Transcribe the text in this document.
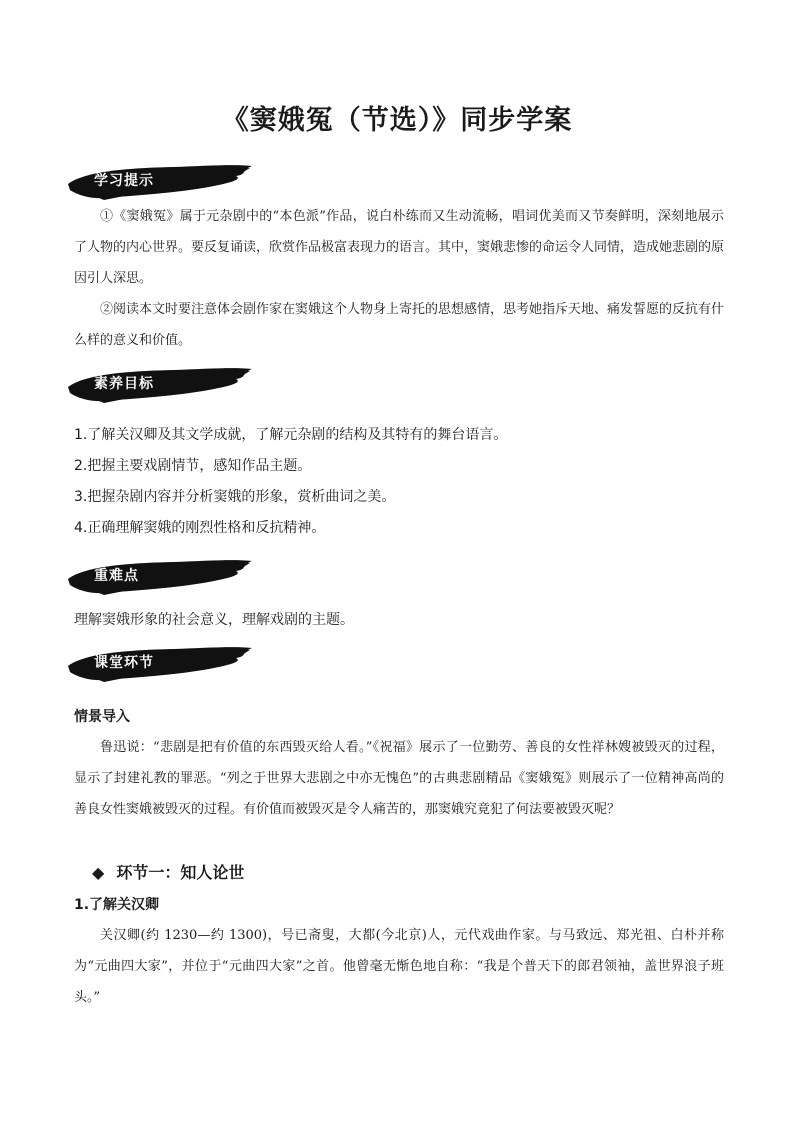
《窦娥冤（节选）》同步学案
学习提示
①《窦娥冤》属于元杂剧中的“本色派”作品，说白朴练而又生动流畅，唱词优美而又节奏鲜明，深刻地展示了人物的内心世界。要反复诵读，欣赏作品极富表现力的语言。其中，窦娥悲惨的命运令人同情，造成她悲剧的原因引人深思。
②阅读本文时要注意体会剧作家在窦娥这个人物身上寄托的思想感情，思考她指斥天地、痛发誓愿的反抗有什么样的意义和价值。
素养目标
1.了解关汉卿及其文学成就，了解元杂剧的结构及其特有的舞台语言。
2.把握主要戏剧情节，感知作品主题。
3.把握杂剧内容并分析窦娥的形象，赏析曲词之美。
4.正确理解窦娥的刚烈性格和反抗精神。
重难点
理解窦娥形象的社会意义，理解戏剧的主题。
课堂环节
情景导入
鲁迅说：“悲剧是把有价值的东西毁灭给人看。”《祝福》展示了一位勤劳、善良的女性祥林嫂被毁灭的过程，显示了封建礼教的罪恶。“列之于世界大悲剧之中亦无愧色”的古典悲剧精品《窦娥冤》则展示了一位精神高尚的善良女性窦娥被毁灭的过程。有价值而被毁灭是令人痛苦的，那窦娥究竟犯了何法要被毁灭呢？
◆ 环节一：知人论世
1.了解关汉卿
关汉卿(约 1230—约 1300)，号已斋叟，大都(今北京)人，元代戏曲作家。与马致远、郑光祖、白朴并称为“元曲四大家”，并位于“元曲四大家”之首。他曾毫无惭色地自称：“我是个普天下的郎君领袖，盖世界浪子班头。”
